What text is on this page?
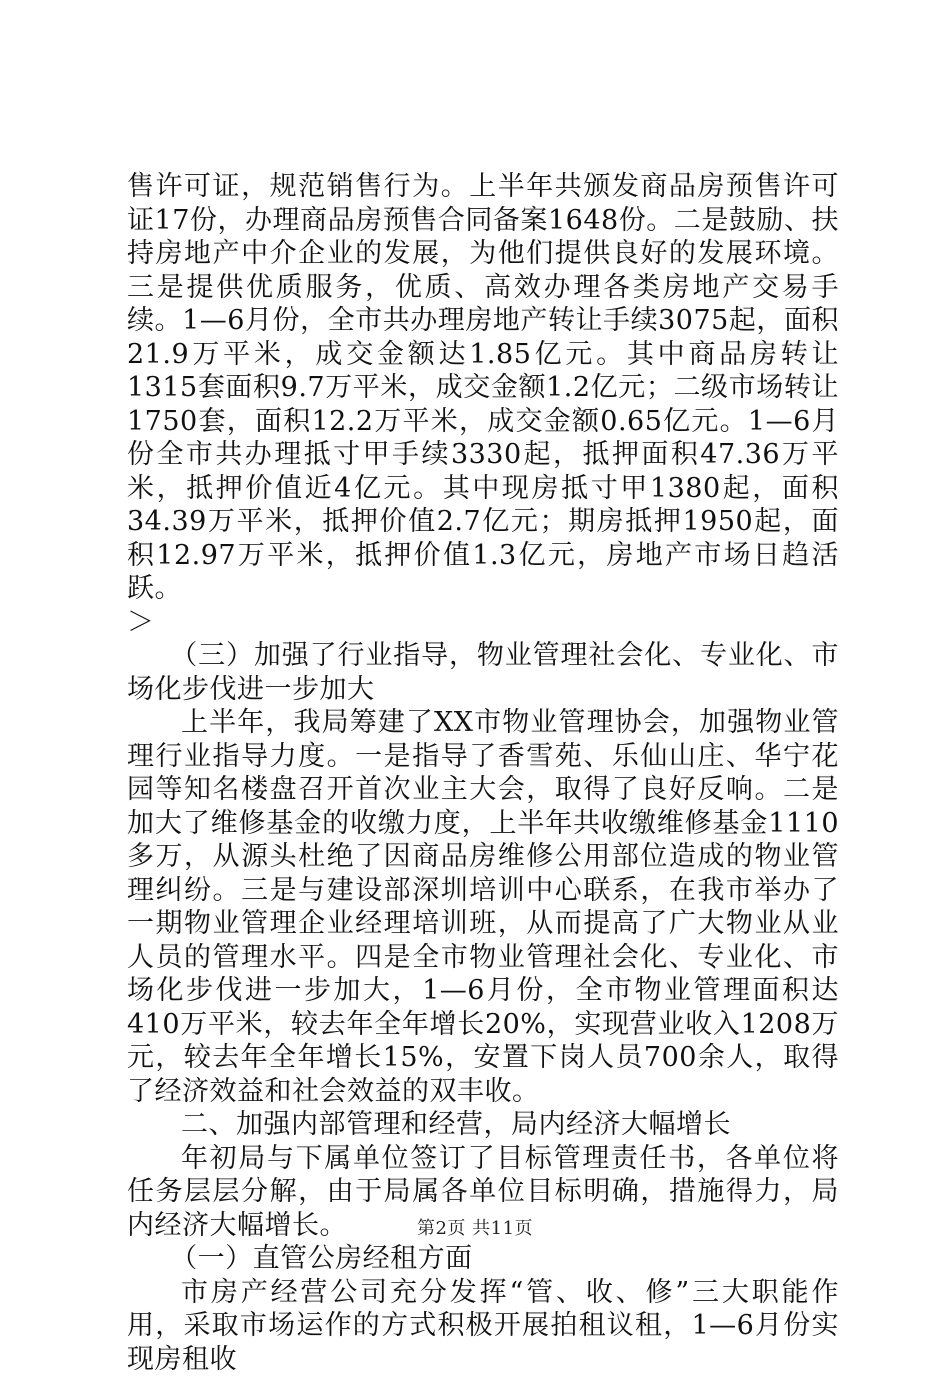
售许可证，规范销售行为。上半年共颁发商品房预售许可证17份，办理商品房预售合同备案1648份。二是鼓励、扶持房地产中介企业的发展，为他们提供良好的发展环境。三是提供优质服务，优质、高效办理各类房地产交易手续。1—6月份，全市共办理房地产转让手续3075起，面积21.9万平米，成交金额达1.85亿元。其中商品房转让1315套面积9.7万平米，成交金额1.2亿元；二级市场转让1750套，面积12.2万平米，成交金额0.65亿元。1—6月份全市共办理抵寸甲手续3330起，抵押面积47.36万平米，抵押价值近4亿元。其中现房抵寸甲1380起，面积34.39万平米，抵押价值2.7亿元；期房抵押1950起，面积12.97万平米，抵押价值1.3亿元，房地产市场日趋活跃。

＞

（三）加强了行业指导，物业管理社会化、专业化、市场化步伐进一步加大

上半年，我局筹建了XX市物业管理协会，加强物业管理行业指导力度。一是指导了香雪苑、乐仙山庄、华宁花园等知名楼盘召开首次业主大会，取得了良好反响。二是加大了维修基金的收缴力度，上半年共收缴维修基金1110多万，从源头杜绝了因商品房维修公用部位造成的物业管理纠纷。三是与建设部深圳培训中心联系，在我市举办了一期物业管理企业经理培训班，从而提高了广大物业从业人员的管理水平。四是全市物业管理社会化、专业化、市场化步伐进一步加大，1—6月份，全市物业管理面积达410万平米，较去年全年增长20%，实现营业收入1208万元，较去年全年增长15%，安置下岗人员700余人，取得了经济效益和社会效益的双丰收。

二、加强内部管理和经营，局内经济大幅增长

年初局与下属单位签订了目标管理责任书，各单位将任务层层分解，由于局属各单位目标明确，措施得力，局内经济大幅增长。

（一）直管公房经租方面

市房产经营公司充分发挥“管、收、修”三大职能作用，采取市场运作的方式积极开展拍租议租，1—6月份实现房租收

第2页 共11页
